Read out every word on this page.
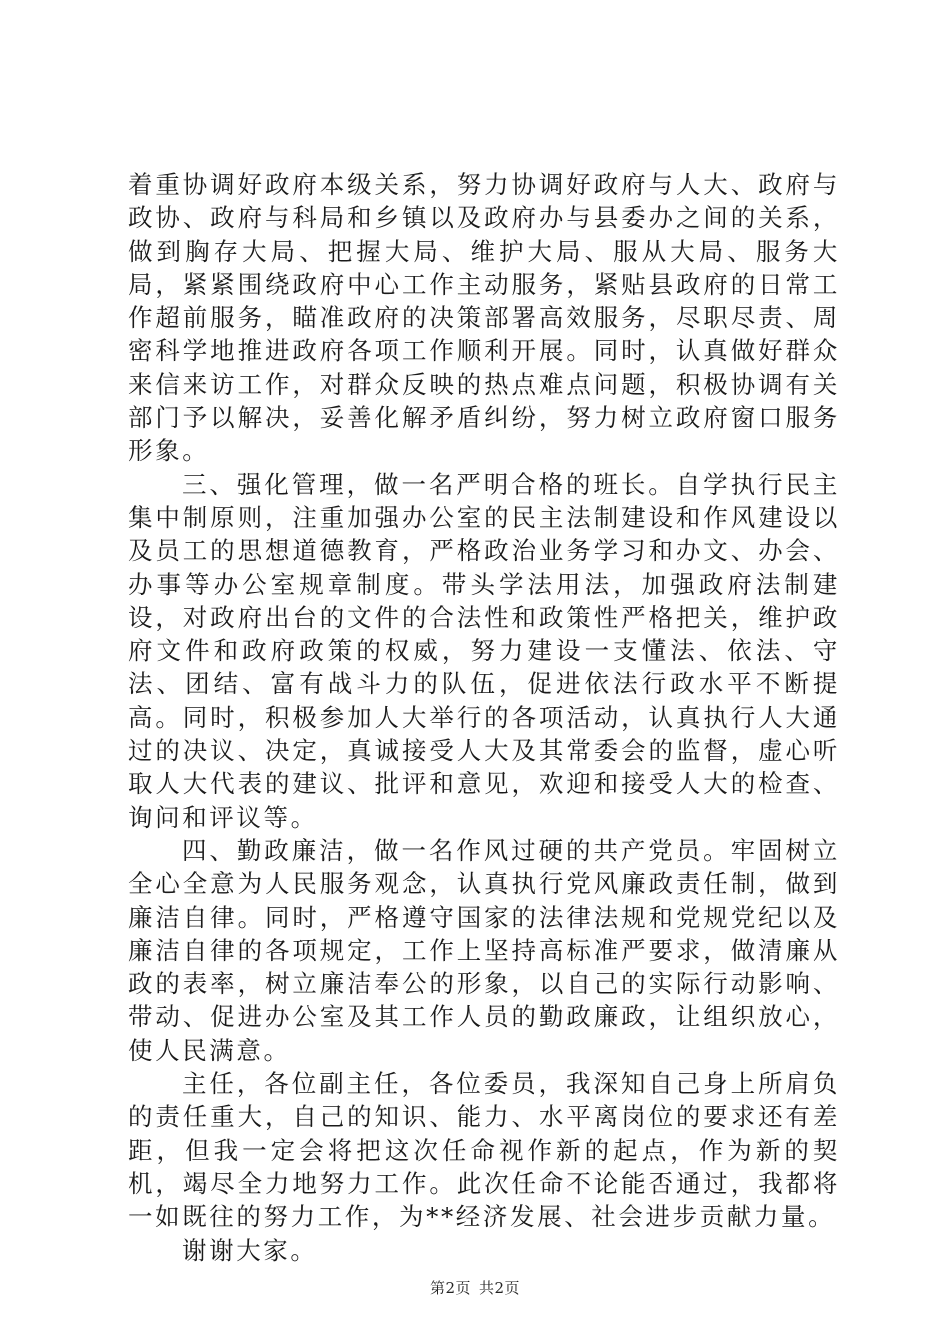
着重协调好政府本级关系，努力协调好政府与人大、政府与政协、政府与科局和乡镇以及政府办与县委办之间的关系，做到胸存大局、把握大局、维护大局、服从大局、服务大局，紧紧围绕政府中心工作主动服务，紧贴县政府的日常工作超前服务，瞄准政府的决策部署高效服务，尽职尽责、周密科学地推进政府各项工作顺利开展。同时，认真做好群众来信来访工作，对群众反映的热点难点问题，积极协调有关部门予以解决，妥善化解矛盾纠纷，努力树立政府窗口服务形象。

三、强化管理，做一名严明合格的班长。自学执行民主集中制原则，注重加强办公室的民主法制建设和作风建设以及员工的思想道德教育，严格政治业务学习和办文、办会、办事等办公室规章制度。带头学法用法，加强政府法制建设，对政府出台的文件的合法性和政策性严格把关，维护政府文件和政府政策的权威，努力建设一支懂法、依法、守法、团结、富有战斗力的队伍，促进依法行政水平不断提高。同时，积极参加人大举行的各项活动，认真执行人大通过的决议、决定，真诚接受人大及其常委会的监督，虚心听取人大代表的建议、批评和意见，欢迎和接受人大的检查、询问和评议等。

四、勤政廉洁，做一名作风过硬的共产党员。牢固树立全心全意为人民服务观念，认真执行党风廉政责任制，做到廉洁自律。同时，严格遵守国家的法律法规和党规党纪以及廉洁自律的各项规定，工作上坚持高标准严要求，做清廉从政的表率，树立廉洁奉公的形象，以自己的实际行动影响、带动、促进办公室及其工作人员的勤政廉政，让组织放心，使人民满意。

主任，各位副主任，各位委员，我深知自己身上所肩负的责任重大，自己的知识、能力、水平离岗位的要求还有差距，但我一定会将把这次任命视作新的起点，作为新的契机，竭尽全力地努力工作。此次任命不论能否通过，我都将一如既往的努力工作，为**经济发展、社会进步贡献力量。

谢谢大家。

第2页 共2页
